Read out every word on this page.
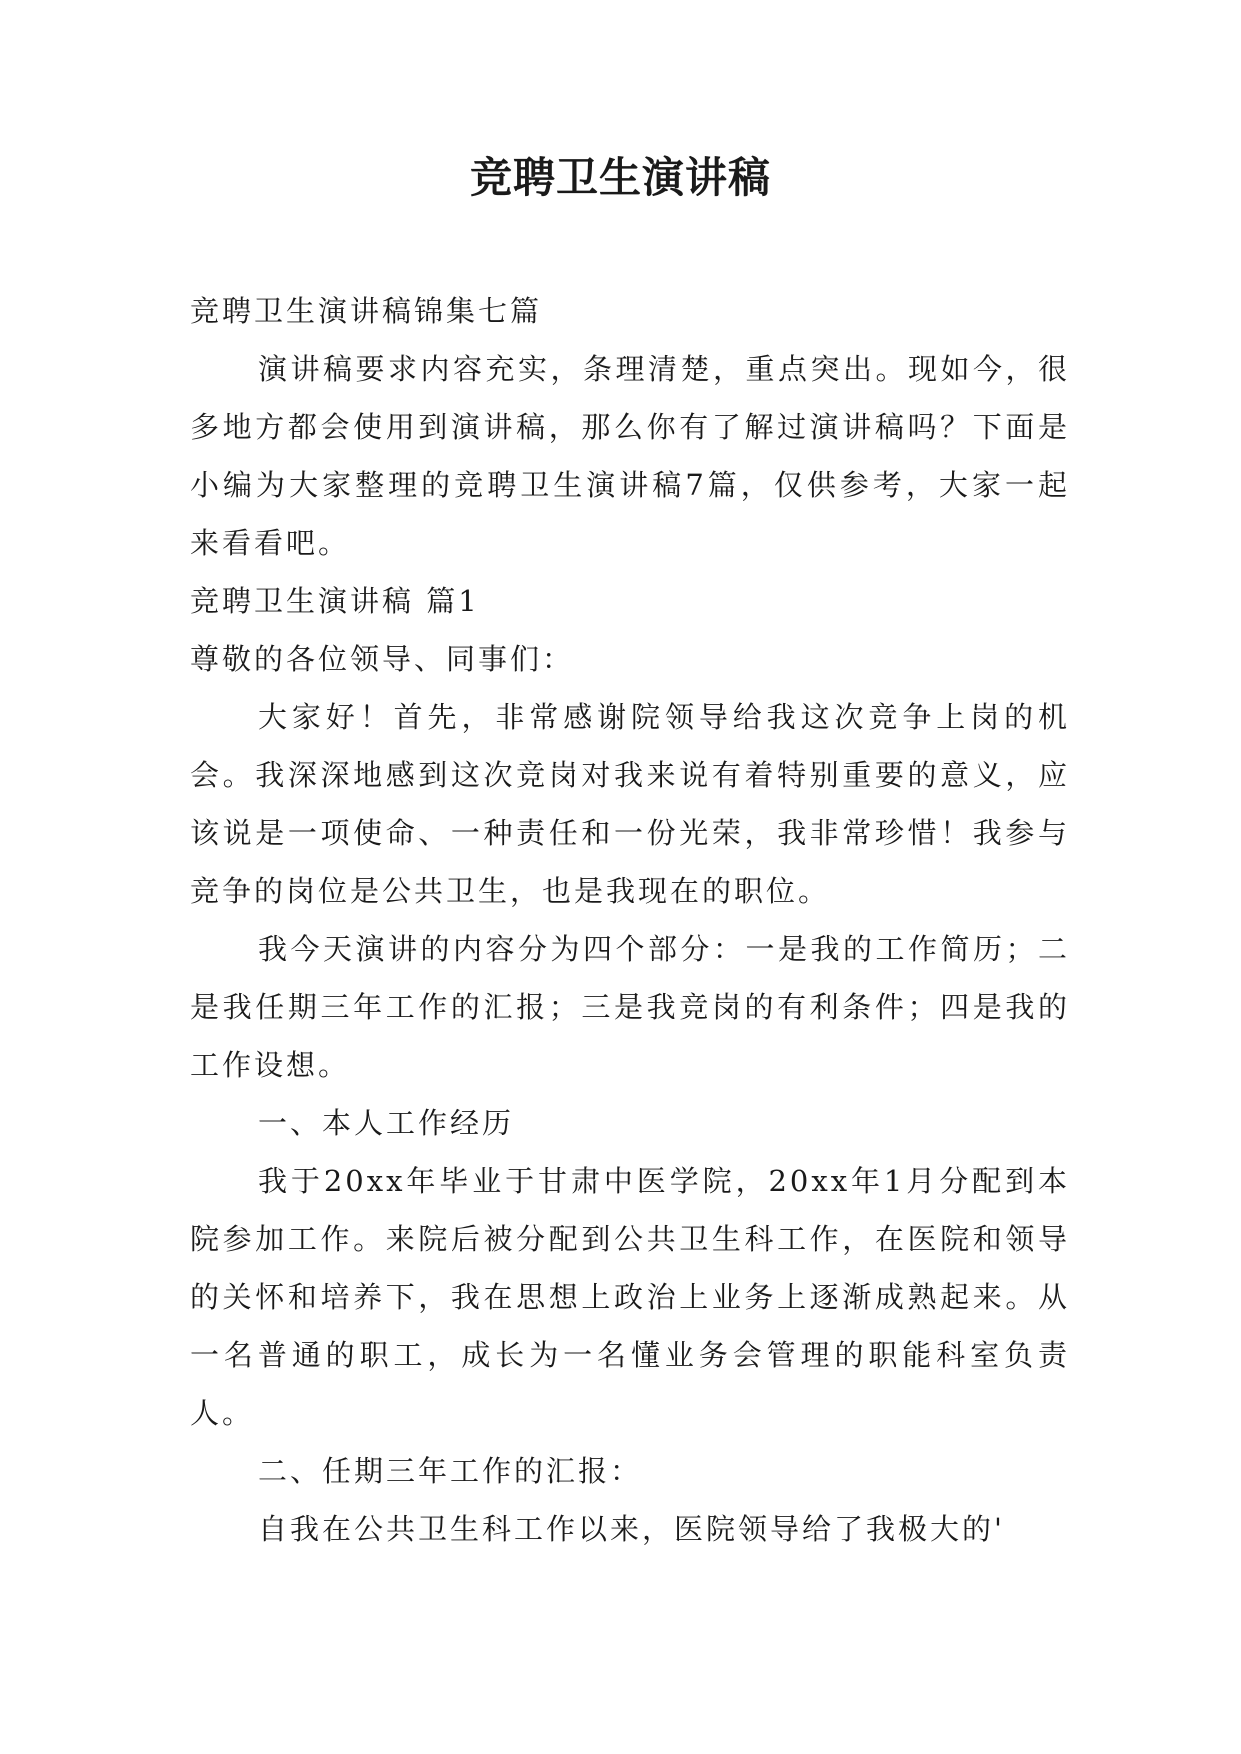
竞聘卫生演讲稿

竞聘卫生演讲稿锦集七篇

演讲稿要求内容充实，条理清楚，重点突出。现如今，很多地方都会使用到演讲稿，那么你有了解过演讲稿吗？下面是小编为大家整理的竞聘卫生演讲稿7篇，仅供参考，大家一起来看看吧。

竞聘卫生演讲稿 篇1

尊敬的各位领导、同事们：

大家好！首先，非常感谢院领导给我这次竞争上岗的机会。我深深地感到这次竞岗对我来说有着特别重要的意义，应该说是一项使命、一种责任和一份光荣，我非常珍惜！我参与竞争的岗位是公共卫生，也是我现在的职位。

我今天演讲的内容分为四个部分：一是我的工作简历；二是我任期三年工作的汇报；三是我竞岗的有利条件；四是我的工作设想。

一、本人工作经历

我于20xx年毕业于甘肃中医学院，20xx年1月分配到本院参加工作。来院后被分配到公共卫生科工作，在医院和领导的关怀和培养下，我在思想上政治上业务上逐渐成熟起来。从一名普通的职工，成长为一名懂业务会管理的职能科室负责人。

二、任期三年工作的汇报：

自我在公共卫生科工作以来，医院领导给了我极大的'
